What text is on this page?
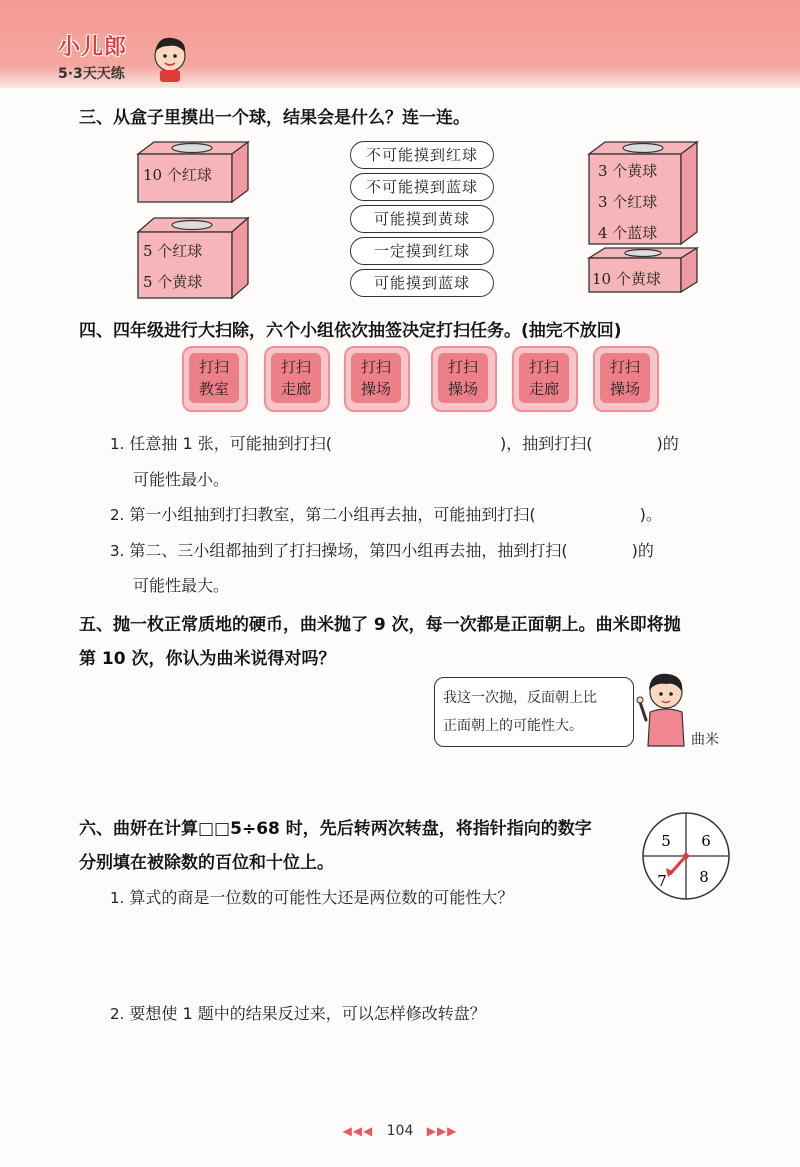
小儿郎
5·3天天练
三、从盒子里摸出一个球，结果会是什么？连一连。
10 个红球
5 个红球
5 个黄球
不可能摸到红球
不可能摸到蓝球
可能摸到黄球
一定摸到红球
可能摸到蓝球
3 个黄球
3 个红球
4 个蓝球
10 个黄球
四、四年级进行大扫除，六个小组依次抽签决定打扫任务。(抽完不放回)
打扫
教室
打扫
走廊
打扫
操场
打扫
操场
打扫
走廊
打扫
操场
1. 任意抽 1 张，可能抽到打扫(	)，抽到打扫(	)的
可能性最小。
2. 第一小组抽到打扫教室，第二小组再去抽，可能抽到打扫(	)。
3. 第二、三小组都抽到了打扫操场，第四小组再去抽，抽到打扫(	)的
可能性最大。
五、抛一枚正常质地的硬币，曲米抛了 9 次，每一次都是正面朝上。曲米即将抛
第 10 次，你认为曲米说得对吗？
我这一次抛，反面朝上比
正面朝上的可能性大。
曲米
六、曲妍在计算□□5÷68 时，先后转两次转盘，将指针指向的数字
分别填在被除数的百位和十位上。
5 6
7 8
1. 算式的商是一位数的可能性大还是两位数的可能性大？
2. 要想使 1 题中的结果反过来，可以怎样修改转盘？
◀◀◀ 104 ▶▶▶
